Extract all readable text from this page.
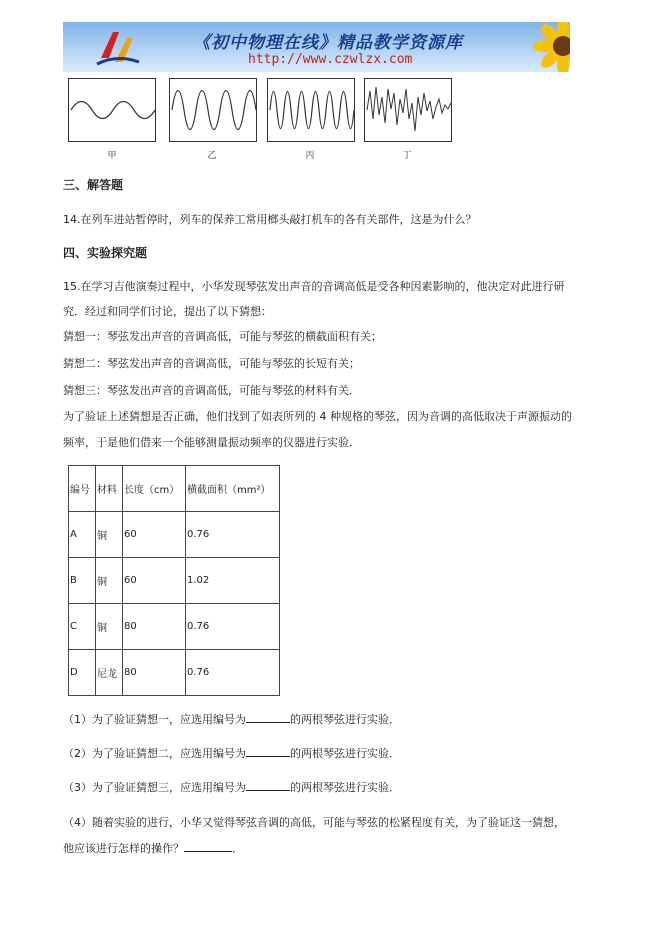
《初中物理在线》精品教学资源库
http://www.czwlzx.com
甲	乙	丙	丁
三、解答题
14.在列车进站暂停时，列车的保养工常用榔头敲打机车的各有关部件，这是为什么？
四、实验探究题
15.在学习吉他演奏过程中，小华发现琴弦发出声音的音调高低是受各种因素影响的，他决定对此进行研
究．经过和同学们讨论，提出了以下猜想：
猜想一：琴弦发出声音的音调高低，可能与琴弦的横截面积有关；
猜想二：琴弦发出声音的音调高低，可能与琴弦的长短有关；
猜想三：琴弦发出声音的音调高低，可能与琴弦的材料有关．
为了验证上述猜想是否正确，他们找到了如表所列的 4 种规格的琴弦，因为音调的高低取决于声源振动的
频率，于是他们借来一个能够测量振动频率的仪器进行实验．
编号	材料	长度（cm）	横截面积（mm²）
A	铜	60	0.76
B	铜	60	1.02
C	铜	80	0.76
D	尼龙	80	0.76
（1）为了验证猜想一，应选用编号为	的两根琴弦进行实验．
（2）为了验证猜想二，应选用编号为	的两根琴弦进行实验．
（3）为了验证猜想三，应选用编号为	的两根琴弦进行实验．
（4）随着实验的进行，小华又觉得琴弦音调的高低，可能与琴弦的松紧程度有关，为了验证这一猜想，
他应该进行怎样的操作？	．
